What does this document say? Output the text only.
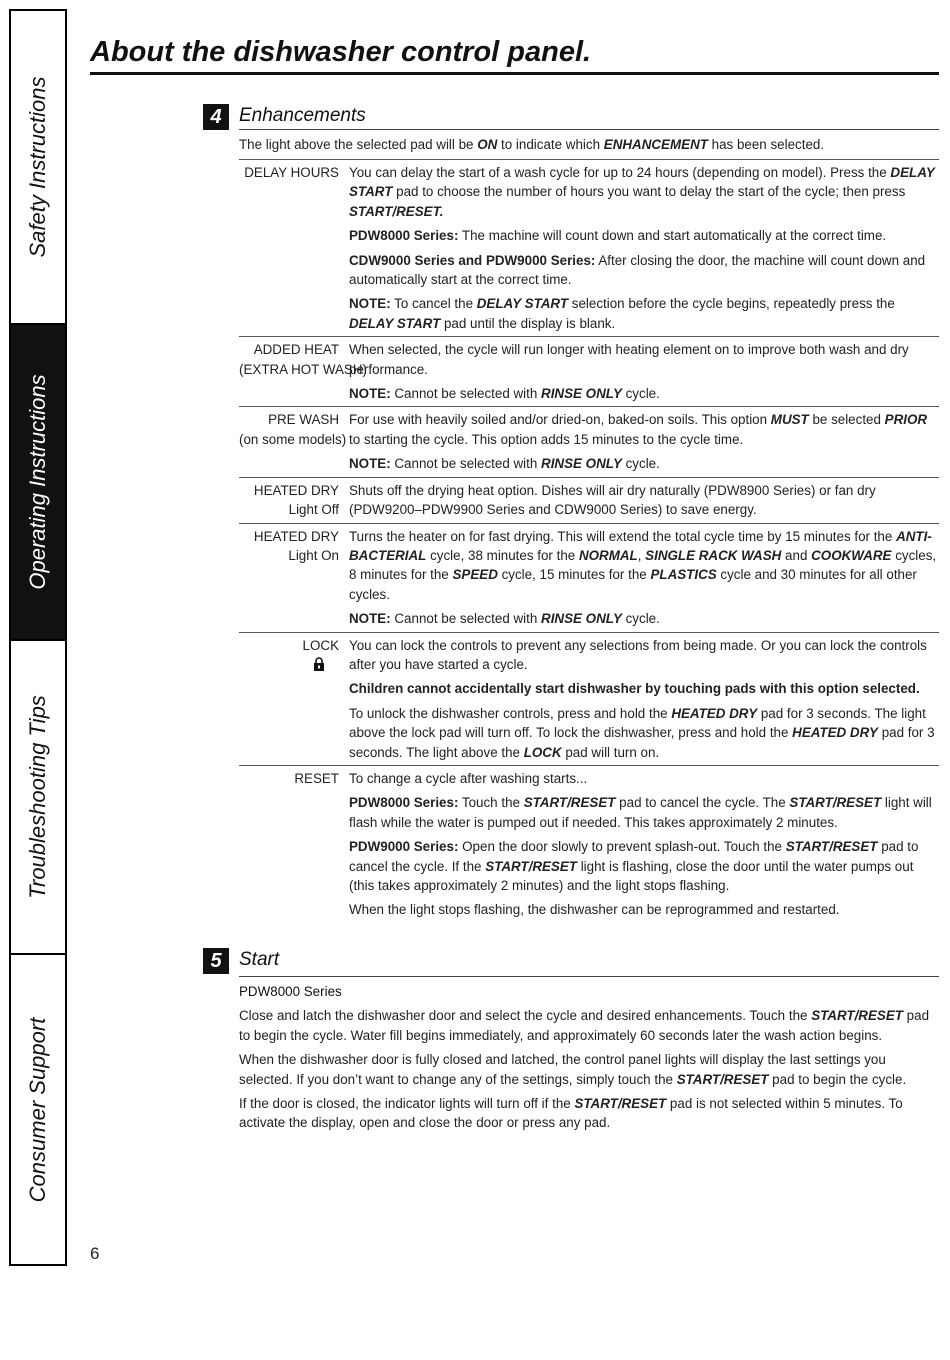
Safety Instructions
Operating Instructions
Troubleshooting Tips
Consumer Support
About the dishwasher control panel.
4 Enhancements
The light above the selected pad will be ON to indicate which ENHANCEMENT has been selected.
DELAY HOURS You can delay the start of a wash cycle for up to 24 hours (depending on model). Press the DELAY START pad to choose the number of hours you want to delay the start of the cycle; then press START/RESET.

PDW8000 Series: The machine will count down and start automatically at the correct time.

CDW9000 Series and PDW9000 Series: After closing the door, the machine will count down and automatically start at the correct time.

NOTE: To cancel the DELAY START selection before the cycle begins, repeatedly press the DELAY START pad until the display is blank.

ADDED HEAT
(EXTRA HOT WASH)

When selected, the cycle will run longer with heating element on to improve both wash and dry performance.

NOTE: Cannot be selected with RINSE ONLY cycle.

PRE WASH
(on some models)

For use with heavily soiled and/or dried-on, baked-on soils. This option MUST be selected PRIOR to starting the cycle. This option adds 15 minutes to the cycle time.

NOTE: Cannot be selected with RINSE ONLY cycle.

HEATED DRY
Light Off

Shuts off the drying heat option. Dishes will air dry naturally (PDW8900 Series) or fan dry (PDW9200–PDW9900 Series and CDW9000 Series) to save energy.

HEATED DRY
Light On

Turns the heater on for fast drying. This will extend the total cycle time by 15 minutes for the ANTI-BACTERIAL cycle, 38 minutes for the NORMAL, SINGLE RACK WASH and COOKWARE cycles, 8 minutes for the SPEED cycle, 15 minutes for the PLASTICS cycle and 30 minutes for all other cycles.

NOTE: Cannot be selected with RINSE ONLY cycle.

LOCK You can lock the controls to prevent any selections from being made. Or you can lock the controls after you have started a cycle.

Children cannot accidentally start dishwasher by touching pads with this option selected.

To unlock the dishwasher controls, press and hold the HEATED DRY pad for 3 seconds. The light above the lock pad will turn off. To lock the dishwasher, press and hold the HEATED DRY pad for 3 seconds. The light above the LOCK pad will turn on.

RESET To change a cycle after washing starts...

PDW8000 Series: Touch the START/RESET pad to cancel the cycle. The START/RESET light will flash while the water is pumped out if needed. This takes approximately 2 minutes.

PDW9000 Series: Open the door slowly to prevent splash-out. Touch the START/RESET pad to cancel the cycle. If the START/RESET light is flashing, close the door until the water pumps out (this takes approximately 2 minutes) and the light stops flashing.

When the light stops flashing, the dishwasher can be reprogrammed and restarted.

5 Start

PDW8000 Series

Close and latch the dishwasher door and select the cycle and desired enhancements. Touch the START/RESET pad to begin the cycle. Water fill begins immediately, and approximately 60 seconds later the wash action begins.

When the dishwasher door is fully closed and latched, the control panel lights will display the last settings you selected. If you don’t want to change any of the settings, simply touch the START/RESET pad to begin the cycle.

If the door is closed, the indicator lights will turn off if the START/RESET pad is not selected within 5 minutes. To activate the display, open and close the door or press any pad.

6
